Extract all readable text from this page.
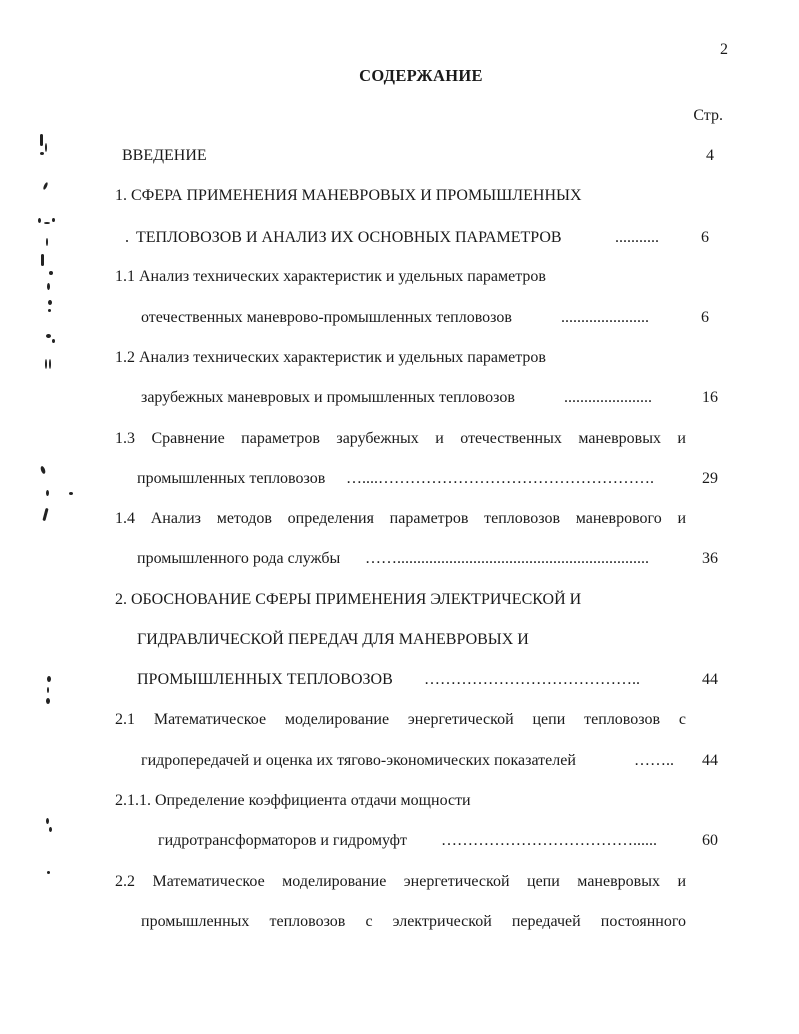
2
СОДЕРЖАНИЕ
Стр.
ВВЕДЕНИЕ	4
1. СФЕРА ПРИМЕНЕНИЯ МАНЕВРОВЫХ И ПРОМЫШЛЕННЫХ
ТЕПЛОВОЗОВ И АНАЛИЗ ИХ ОСНОВНЫХ ПАРАМЕТРОВ	...........	6
1.1 Анализ технических характеристик и удельных параметров
отечественных маневрово-промышленных тепловозов	......................	6
1.2 Анализ технических характеристик и удельных параметров
зарубежных маневровых и промышленных тепловозов	......................	16
1.3 Сравнение параметров зарубежных и отечественных маневровых и
промышленных тепловозов …....…………………………………………….	29
1.4 Анализ методов определения параметров тепловозов маневрового и
промышленного рода службы ……...............................................................	36
2. ОБОСНОВАНИЕ СФЕРЫ ПРИМЕНЕНИЯ ЭЛЕКТРИЧЕСКОЙ И
ГИДРАВЛИЧЕСКОЙ ПЕРЕДАЧ ДЛЯ МАНЕВРОВЫХ И
ПРОМЫШЛЕННЫХ ТЕПЛОВОЗОВ …………………………………..	44
2.1 Математическое моделирование энергетической цепи тепловозов с
гидропередачей и оценка их тягово-экономических показателей	……..	44
2.1.1. Определение коэффициента отдачи мощности
гидротрансформаторов и гидромуфт ………………………………......	60
2.2 Математическое моделирование энергетической цепи маневровых и
промышленных тепловозов с электрической передачей постоянного
